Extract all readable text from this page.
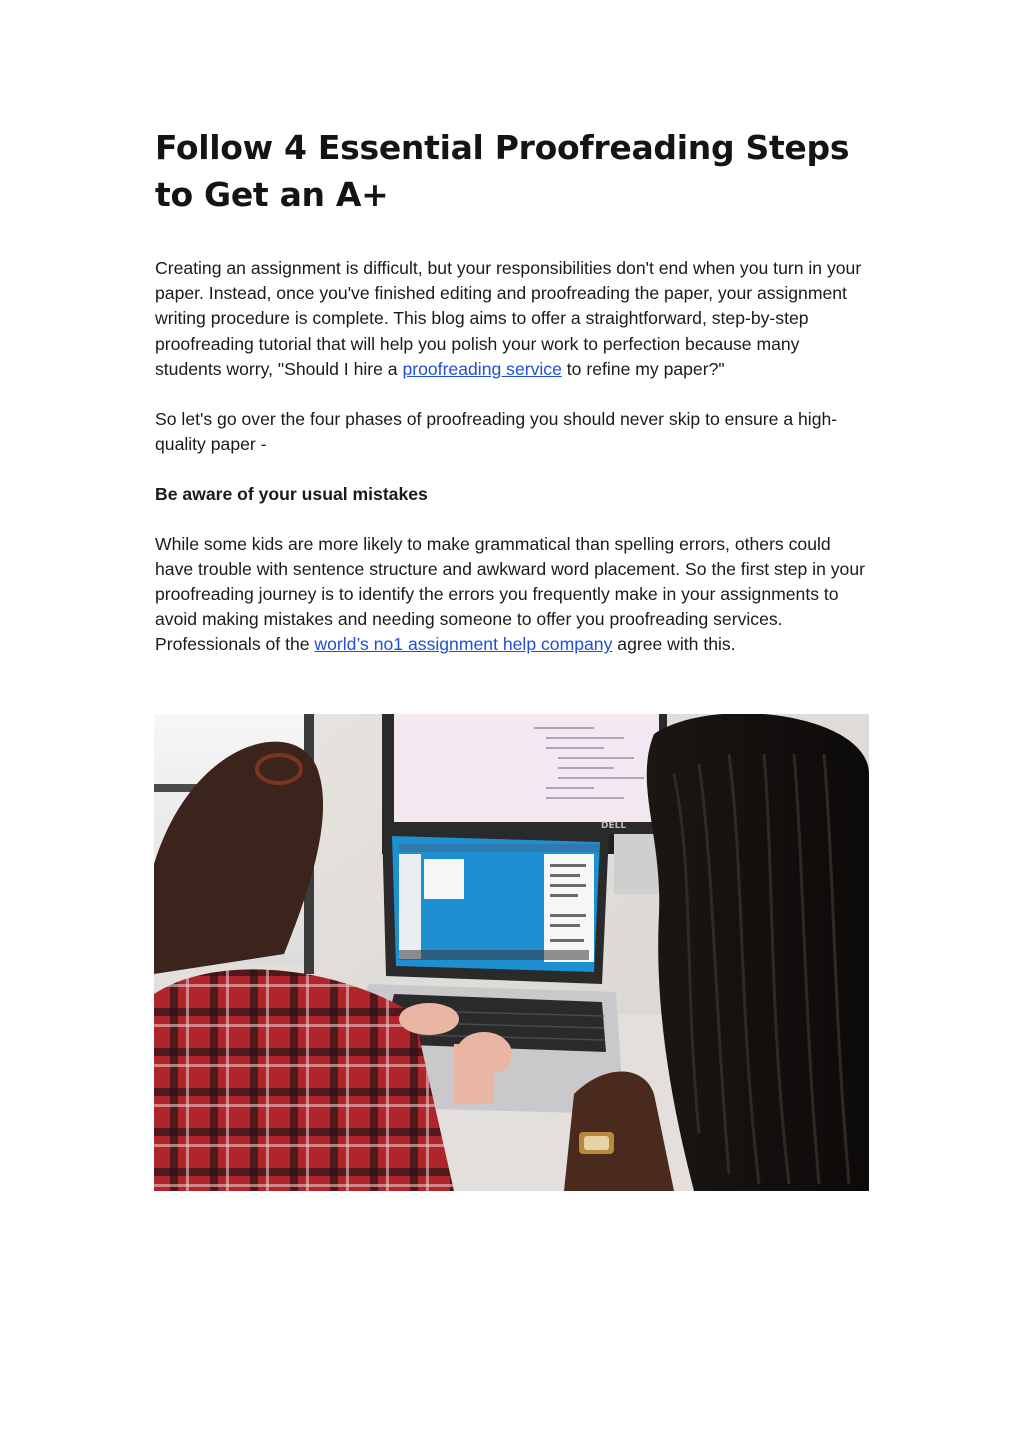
Follow 4 Essential Proofreading Steps to Get an A+

Creating an assignment is difficult, but your responsibilities don't end when you turn in your paper. Instead, once you've finished editing and proofreading the paper, your assignment writing procedure is complete. This blog aims to offer a straightforward, step-by-step proofreading tutorial that will help you polish your work to perfection because many students worry, "Should I hire a proofreading service to refine my paper?"

So let's go over the four phases of proofreading you should never skip to ensure a high-quality paper -

Be aware of your usual mistakes

While some kids are more likely to make grammatical than spelling errors, others could have trouble with sentence structure and awkward word placement. So the first step in your proofreading journey is to identify the errors you frequently make in your assignments to avoid making mistakes and needing someone to offer you proofreading services. Professionals of the world’s no1 assignment help company agree with this.

DELL
